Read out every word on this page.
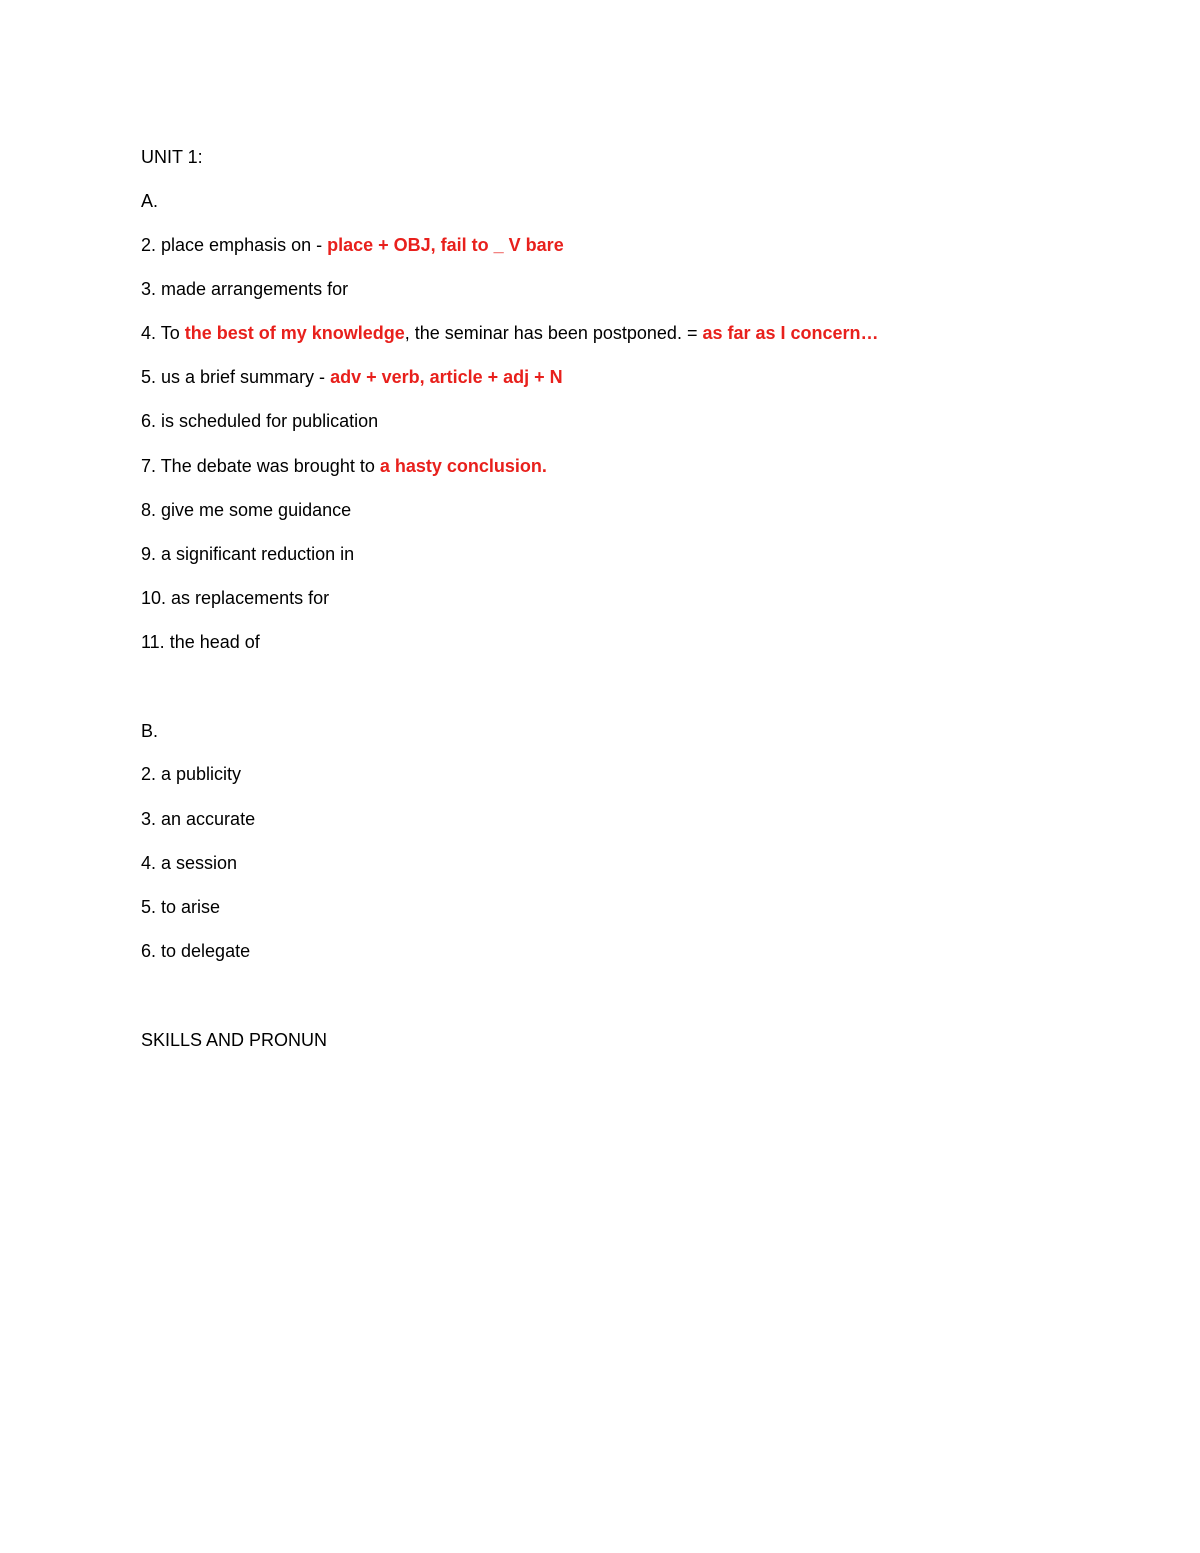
UNIT 1:
A.
2. place emphasis on - place + OBJ, fail to _ V bare
3. made arrangements for
4. To the best of my knowledge, the seminar has been postponed. = as far as I concern…
5. us a brief summary - adv + verb, article + adj + N
6. is scheduled for publication
7. The debate was brought to a hasty conclusion.
8. give me some guidance
9. a significant reduction in
10. as replacements for
11. the head of
B.
2. a publicity
3. an accurate
4. a session
5. to arise
6. to delegate
SKILLS AND PRONUN
